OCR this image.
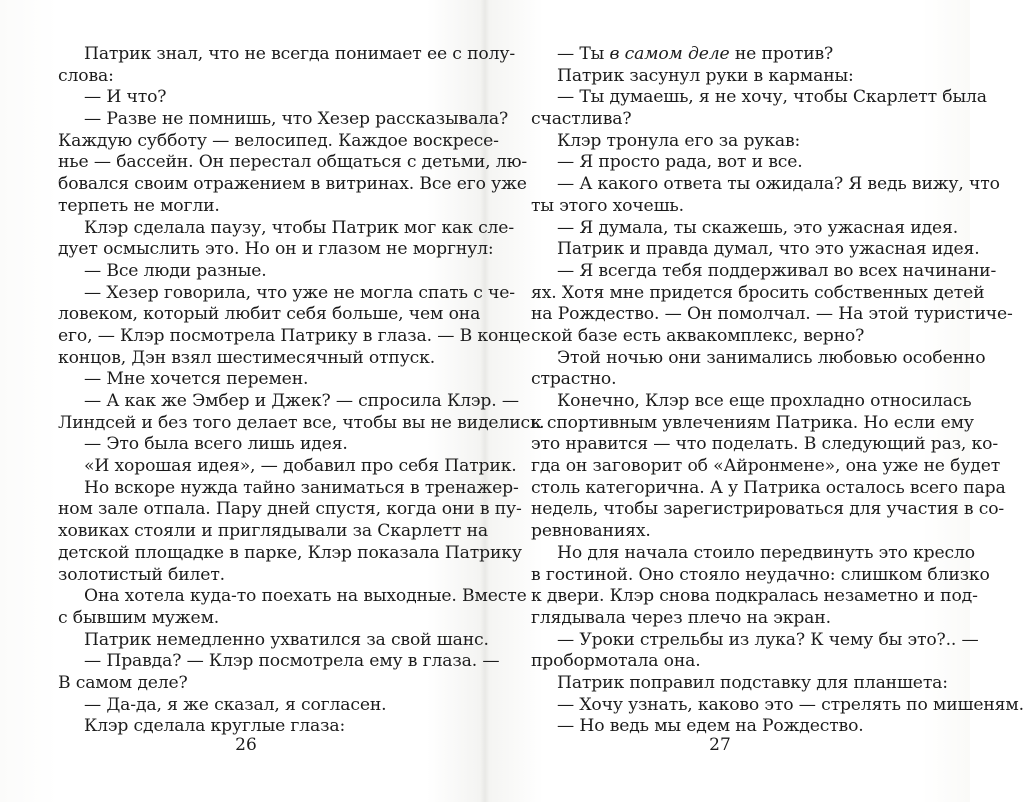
Патрик знал, что не всегда понимает ее с полу-
слова:
— И что?
— Разве не помнишь, что Хезер рассказывала?
Каждую субботу — велосипед. Каждое воскресе-
нье — бассейн. Он перестал общаться с детьми, лю-
бовался своим отражением в витринах. Все его уже
терпеть не могли.
Клэр сделала паузу, чтобы Патрик мог как сле-
дует осмыслить это. Но он и глазом не моргнул:
— Все люди разные.
— Хезер говорила, что уже не могла спать с че-
ловеком, который любит себя больше, чем она
его, — Клэр посмотрела Патрику в глаза. — В конце
концов, Дэн взял шестимесячный отпуск.
— Мне хочется перемен.
— А как же Эмбер и Джек? — спросила Клэр. —
Линдсей и без того делает все, чтобы вы не виделись.
— Это была всего лишь идея.
«И хорошая идея», — добавил про себя Патрик.
Но вскоре нужда тайно заниматься в тренажер-
ном зале отпала. Пару дней спустя, когда они в пу-
ховиках стояли и приглядывали за Скарлетт на
детской площадке в парке, Клэр показала Патрику
золотистый билет.
Она хотела куда-то поехать на выходные. Вместе
с бывшим мужем.
Патрик немедленно ухватился за свой шанс.
— Правда? — Клэр посмотрела ему в глаза. —
В самом деле?
— Да-да, я же сказал, я согласен.
Клэр сделала круглые глаза:
26
— Ты в самом деле не против?
Патрик засунул руки в карманы:
— Ты думаешь, я не хочу, чтобы Скарлетт была
счастлива?
Клэр тронула его за рукав:
— Я просто рада, вот и все.
— А какого ответа ты ожидала? Я ведь вижу, что
ты этого хочешь.
— Я думала, ты скажешь, это ужасная идея.
Патрик и правда думал, что это ужасная идея.
— Я всегда тебя поддерживал во всех начинани-
ях. Хотя мне придется бросить собственных детей
на Рождество. — Он помолчал. — На этой туристиче-
ской базе есть аквакомплекс, верно?
Этой ночью они занимались любовью особенно
страстно.
Конечно, Клэр все еще прохладно относилась
к спортивным увлечениям Патрика. Но если ему
это нравится — что поделать. В следующий раз, ко-
гда он заговорит об «Айронмене», она уже не будет
столь категорична. А у Патрика осталось всего пара
недель, чтобы зарегистрироваться для участия в со-
ревнованиях.
Но для начала стоило передвинуть это кресло
в гостиной. Оно стояло неудачно: слишком близко
к двери. Клэр снова подкралась незаметно и под-
глядывала через плечо на экран.
— Уроки стрельбы из лука? К чему бы это?.. —
пробормотала она.
Патрик поправил подставку для планшета:
— Хочу узнать, каково это — стрелять по мишеням.
— Но ведь мы едем на Рождество.
27
